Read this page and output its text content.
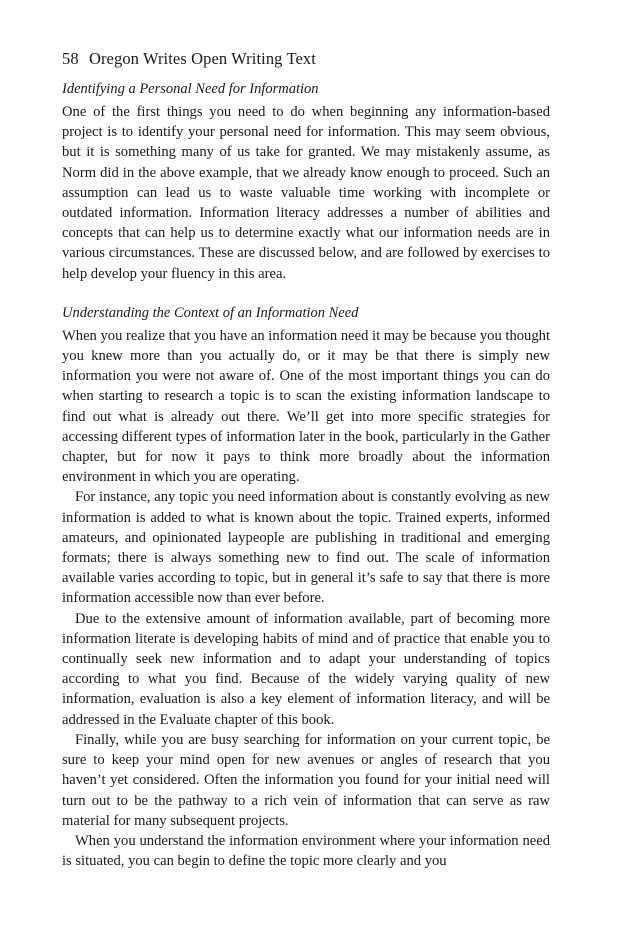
58 Oregon Writes Open Writing Text
Identifying a Personal Need for Information

One of the first things you need to do when beginning any information-based project is to identify your personal need for information. This may seem obvious, but it is something many of us take for granted. We may mistakenly assume, as Norm did in the above example, that we already know enough to proceed. Such an assumption can lead us to waste valuable time working with incomplete or outdated information. Information literacy addresses a number of abilities and concepts that can help us to determine exactly what our information needs are in various circumstances. These are discussed below, and are followed by exercises to help develop your fluency in this area.

Understanding the Context of an Information Need

When you realize that you have an information need it may be because you thought you knew more than you actually do, or it may be that there is simply new information you were not aware of. One of the most important things you can do when starting to research a topic is to scan the existing information landscape to find out what is already out there. We’ll get into more specific strategies for accessing different types of information later in the book, particularly in the Gather chapter, but for now it pays to think more broadly about the information environment in which you are operating.

For instance, any topic you need information about is constantly evolving as new information is added to what is known about the topic. Trained experts, informed amateurs, and opinionated laypeople are publishing in traditional and emerging formats; there is always something new to find out. The scale of information available varies according to topic, but in general it’s safe to say that there is more information accessible now than ever before.

Due to the extensive amount of information available, part of becoming more information literate is developing habits of mind and of practice that enable you to continually seek new information and to adapt your understanding of topics according to what you find. Because of the widely varying quality of new information, evaluation is also a key element of information literacy, and will be addressed in the Evaluate chapter of this book.

Finally, while you are busy searching for information on your current topic, be sure to keep your mind open for new avenues or angles of research that you haven’t yet considered. Often the information you found for your initial need will turn out to be the pathway to a rich vein of information that can serve as raw material for many subsequent projects.

When you understand the information environment where your information need is situated, you can begin to define the topic more clearly and you
